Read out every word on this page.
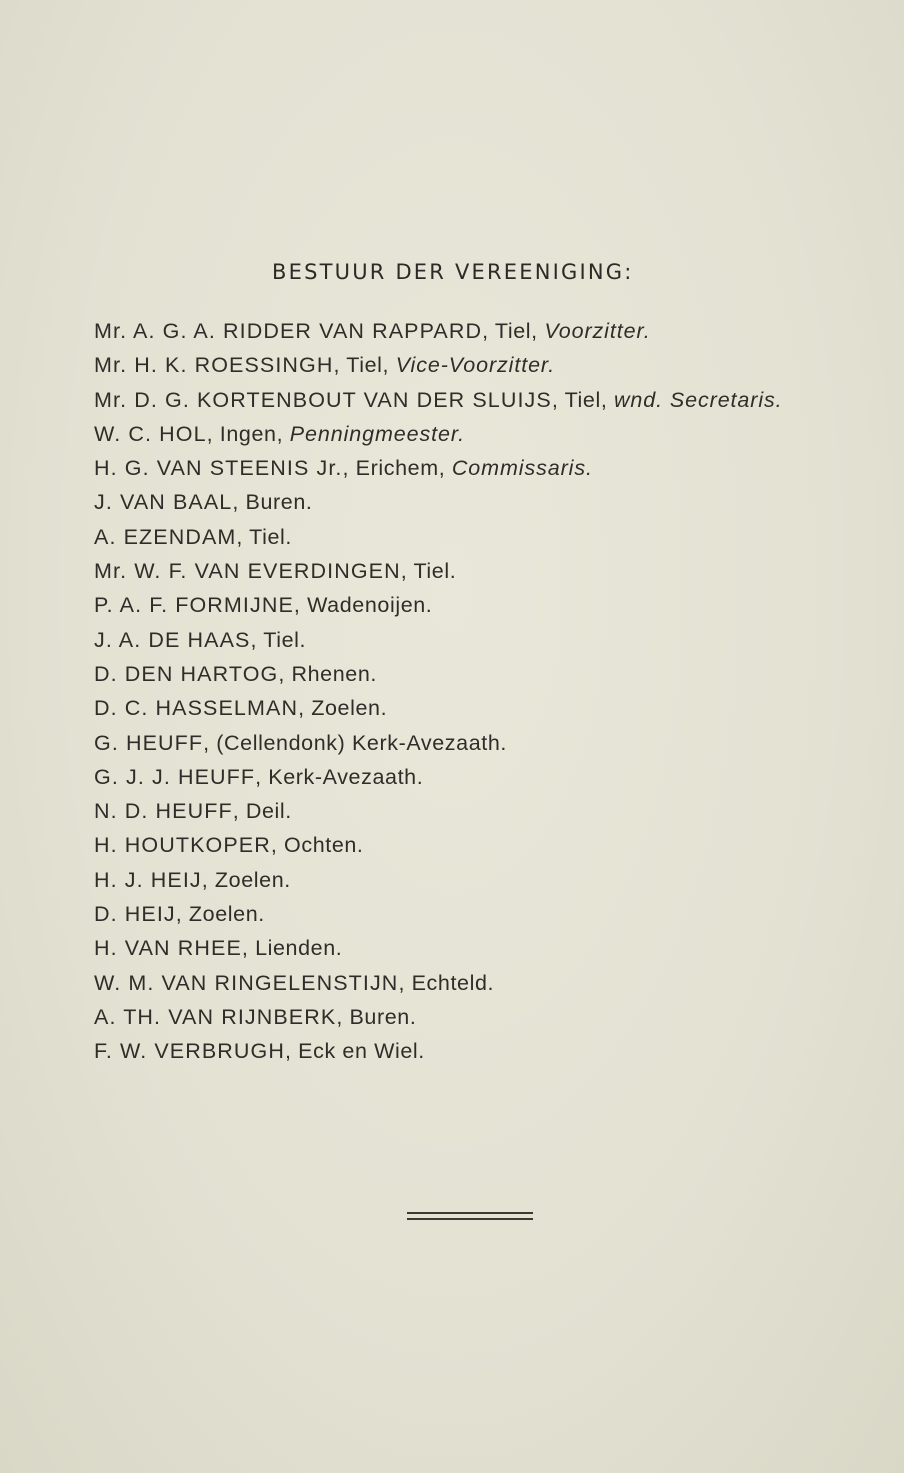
BESTUUR DER VEREENIGING:
Mr. A. G. A. RIDDER VAN RAPPARD, Tiel, Voorzitter.
Mr. H. K. ROESSINGH, Tiel, Vice-Voorzitter.
Mr. D. G. KORTENBOUT VAN DER SLUIJS, Tiel, wnd. Secretaris.
W. C. HOL, Ingen, Penningmeester.
H. G. VAN STEENIS Jr., Erichem, Commissaris.
J. VAN BAAL, Buren.
A. EZENDAM, Tiel.
Mr. W. F. VAN EVERDINGEN, Tiel.
P. A. F. FORMIJNE, Wadenoijen.
J. A. DE HAAS, Tiel.
D. DEN HARTOG, Rhenen.
D. C. HASSELMAN, Zoelen.
G. HEUFF, (Cellendonk) Kerk-Avezaath.
G. J. J. HEUFF, Kerk-Avezaath.
N. D. HEUFF, Deil.
H. HOUTKOPER, Ochten.
H. J. HEIJ, Zoelen.
D. HEIJ, Zoelen.
H. VAN RHEE, Lienden.
W. M. VAN RINGELENSTIJN, Echteld.
A. TH. VAN RIJNBERK, Buren.
F. W. VERBRUGH, Eck en Wiel.
